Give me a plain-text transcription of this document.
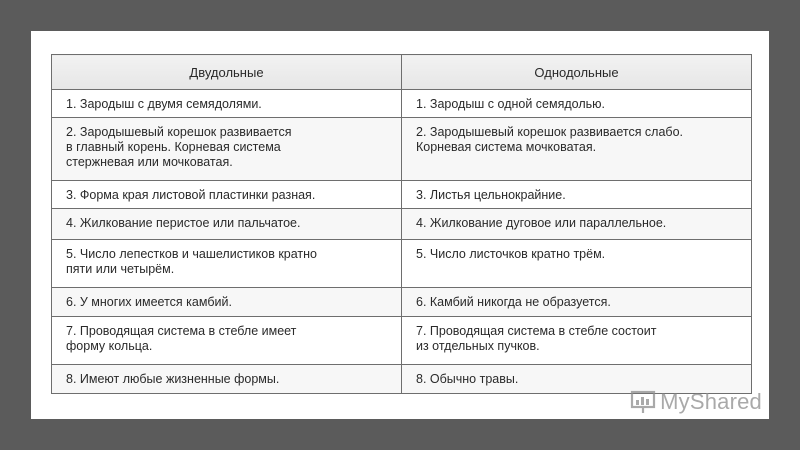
Двудольные	Однодольные
1. Зародыш с двумя семядолями.	1. Зародыш с одной семядолью.
2. Зародышевый корешок развивается
в главный корень. Корневая система
стержневая или мочковатая.	2. Зародышевый корешок развивается слабо.
Корневая система мочковатая.
3. Форма края листовой пластинки разная.	3. Листья цельнокрайние.
4. Жилкование перистое или пальчатое.	4. Жилкование дуговое или параллельное.
5. Число лепестков и чашелистиков кратно
пяти или четырём.	5. Число листочков кратно трём.
6. У многих имеется камбий.	6. Камбий никогда не образуется.
7. Проводящая система в стебле имеет
форму кольца.	7. Проводящая система в стебле состоит
из отдельных пучков.
8. Имеют любые жизненные формы.	8. Обычно травы.
MyShared
